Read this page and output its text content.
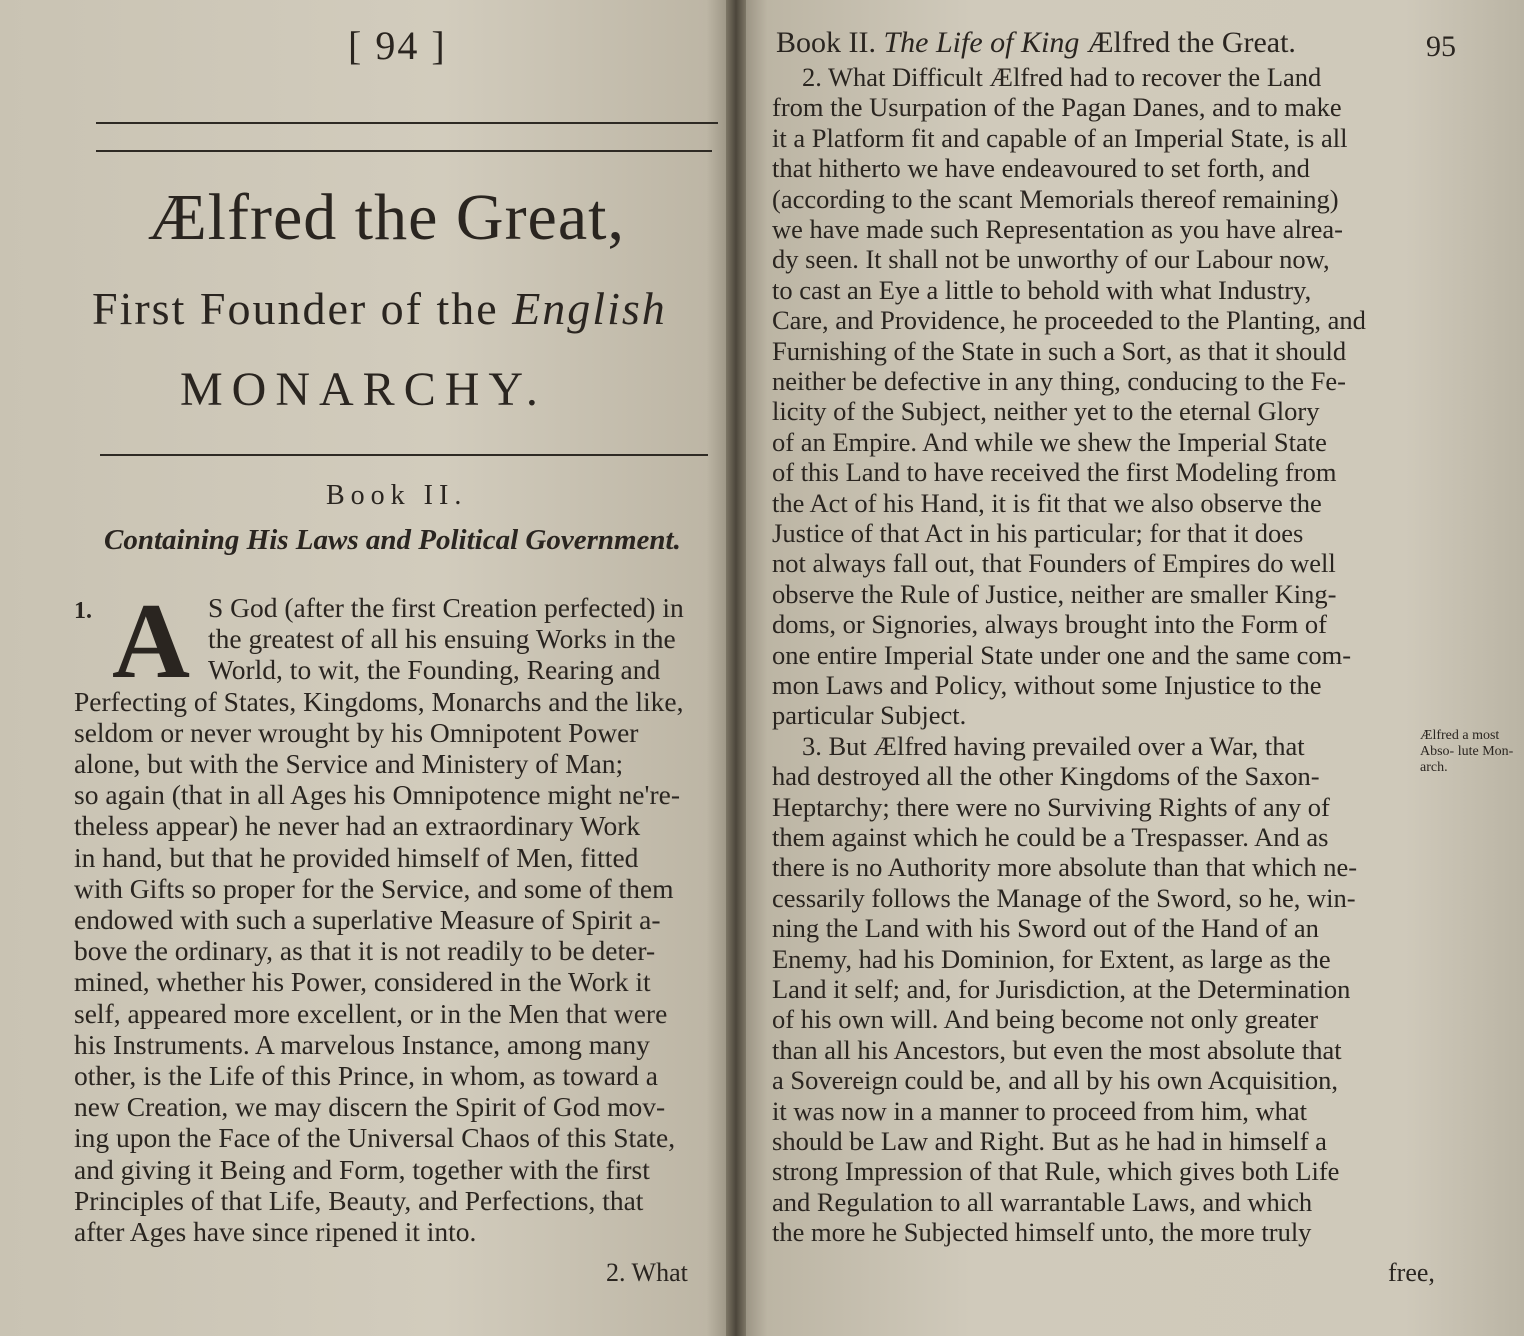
[ 94 ]
Ælfred the Great,
First Founder of the English
MONARCHY.
Book II.
Containing His Laws and Political Government.
1. A S God (after the first Creation perfected) in
the greatest of all his ensuing Works in the
World, to wit, the Founding, Rearing and
Perfecting of States, Kingdoms, Monarchs and the like,
seldom or never wrought by his Omnipotent Power
alone, but with the Service and Ministery of Man;
so again (that in all Ages his Omnipotence might ne're-
theless appear) he never had an extraordinary Work
in hand, but that he provided himself of Men, fitted
with Gifts so proper for the Service, and some of them
endowed with such a superlative Measure of Spirit a-
bove the ordinary, as that it is not readily to be deter-
mined, whether his Power, considered in the Work it
self, appeared more excellent, or in the Men that were
his Instruments. A marvelous Instance, among many
other, is the Life of this Prince, in whom, as toward a
new Creation, we may discern the Spirit of God mov-
ing upon the Face of the Universal Chaos of this State,
and giving it Being and Form, together with the first
Principles of that Life, Beauty, and Perfections, that
after Ages have since ripened it into.
2. What
Book II. The Life of King Ælfred the Great.	95
2. What Difficult Ælfred had to recover the Land
from the Usurpation of the Pagan Danes, and to make
it a Platform fit and capable of an Imperial State, is all
that hitherto we have endeavoured to set forth, and
(according to the scant Memorials thereof remaining)
we have made such Representation as you have alrea-
dy seen. It shall not be unworthy of our Labour now,
to cast an Eye a little to behold with what Industry,
Care, and Providence, he proceeded to the Planting, and
Furnishing of the State in such a Sort, as that it should
neither be defective in any thing, conducing to the Fe-
licity of the Subject, neither yet to the eternal Glory
of an Empire. And while we shew the Imperial State
of this Land to have received the first Modeling from
the Act of his Hand, it is fit that we also observe the
Justice of that Act in his particular; for that it does
not always fall out, that Founders of Empires do well
observe the Rule of Justice, neither are smaller King-
doms, or Signories, always brought into the Form of
one entire Imperial State under one and the same com-
mon Laws and Policy, without some Injustice to the
particular Subject.
3. But Ælfred having prevailed over a War, that
had destroyed all the other Kingdoms of the Saxon-
Heptarchy; there were no Surviving Rights of any of
them against which he could be a Trespasser. And as
there is no Authority more absolute than that which ne-
cessarily follows the Manage of the Sword, so he, win-
ning the Land with his Sword out of the Hand of an
Enemy, had his Dominion, for Extent, as large as the
Land it self; and, for Jurisdiction, at the Determination
of his own will. And being become not only greater
than all his Ancestors, but even the most absolute that
a Sovereign could be, and all by his own Acquisition,
it was now in a manner to proceed from him, what
should be Law and Right. But as he had in himself a
strong Impression of that Rule, which gives both Life
and Regulation to all warrantable Laws, and which
the more he Subjected himself unto, the more truly
Ælfred a most Abso- lute Mon- arch.
free,
